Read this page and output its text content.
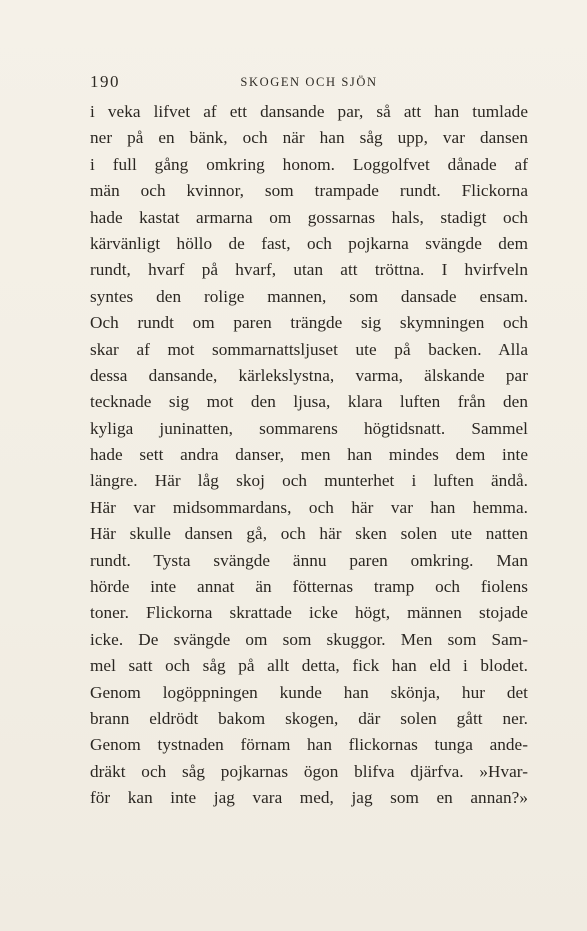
190	SKOGEN OCH SJÖN
i veka lifvet af ett dansande par, så att han tumlade
ner på en bänk, och när han såg upp, var dansen
i full gång omkring honom. Loggolfvet dånade af
män och kvinnor, som trampade rundt. Flickorna
hade kastat armarna om gossarnas hals, stadigt och
kärvänligt höllo de fast, och pojkarna svängde dem
rundt, hvarf på hvarf, utan att tröttna. I hvirfveln
syntes den rolige mannen, som dansade ensam.
Och rundt om paren trängde sig skymningen och
skar af mot sommarnattsljuset ute på backen. Alla
dessa dansande, kärlekslystna, varma, älskande par
tecknade sig mot den ljusa, klara luften från den
kyliga juninatten, sommarens högtidsnatt. Sammel
hade sett andra danser, men han mindes dem inte
längre. Här låg skoj och munterhet i luften ändå.
Här var midsommardans, och här var han hemma.
Här skulle dansen gå, och här sken solen ute natten
rundt. Tysta svängde ännu paren omkring. Man
hörde inte annat än fötternas tramp och fiolens
toner. Flickorna skrattade icke högt, männen stojade
icke. De svängde om som skuggor. Men som Sam-
mel satt och såg på allt detta, fick han eld i blodet.
Genom logöppningen kunde han skönja, hur det
brann eldrödt bakom skogen, där solen gått ner.
Genom tystnaden förnam han flickornas tunga ande-
dräkt och såg pojkarnas ögon blifva djärfva. »Hvar-
för kan inte jag vara med, jag som en annan?»
